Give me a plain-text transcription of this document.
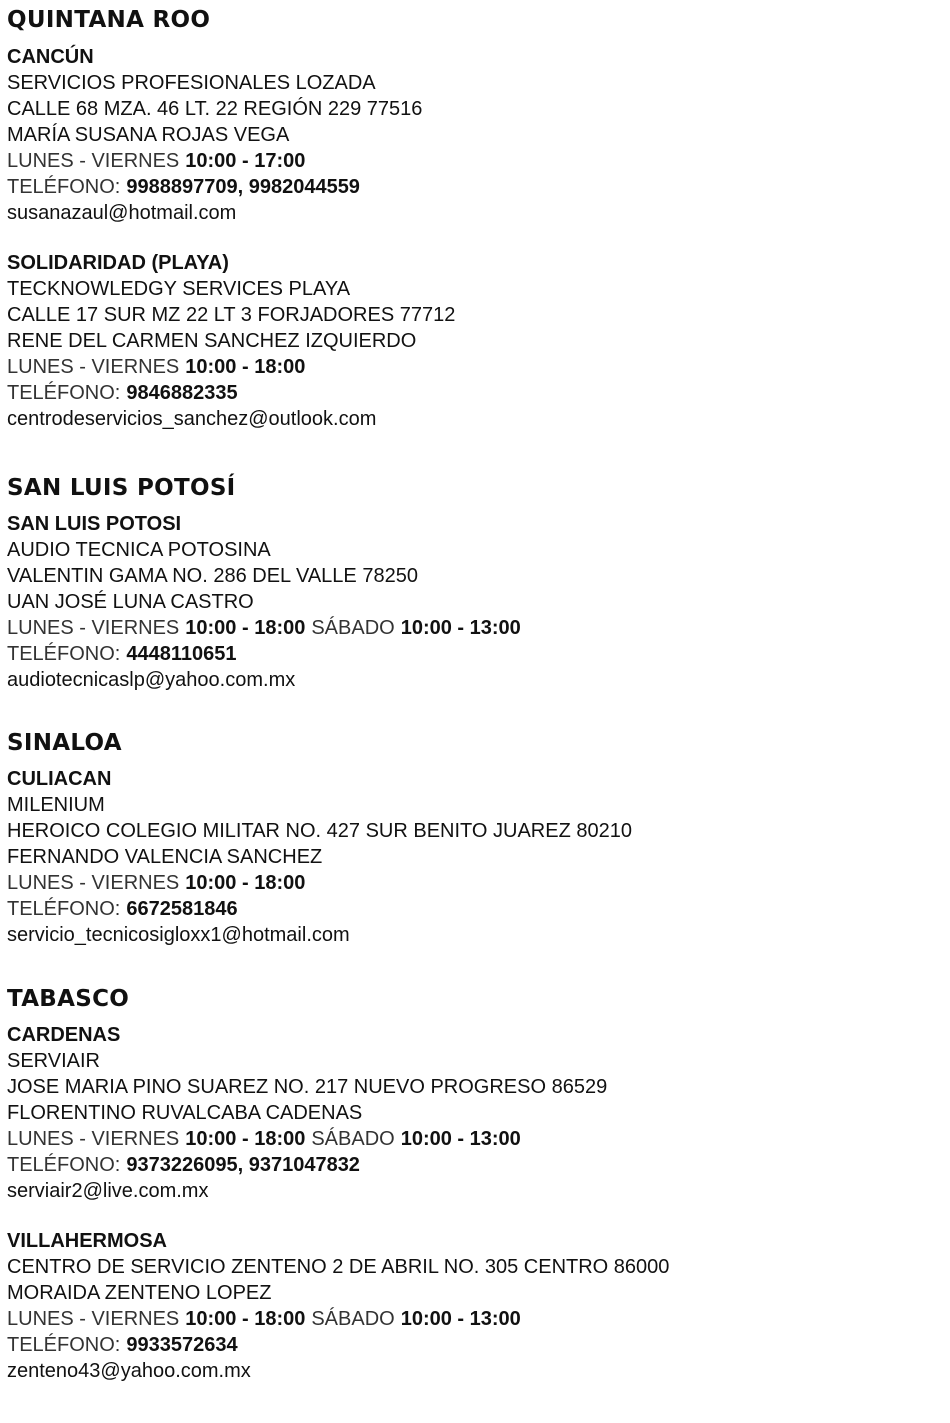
QUINTANA ROO
CANCÚN
SERVICIOS PROFESIONALES LOZADA
CALLE 68 MZA. 46 LT. 22 REGIÓN 229 77516
MARÍA SUSANA ROJAS VEGA
LUNES - VIERNES 10:00 - 17:00
TELÉFONO: 9988897709, 9982044559
susanazaul@hotmail.com
SOLIDARIDAD (PLAYA)
TECKNOWLEDGY SERVICES PLAYA
CALLE 17 SUR MZ 22 LT 3 FORJADORES 77712
RENE DEL CARMEN SANCHEZ IZQUIERDO
LUNES - VIERNES 10:00 - 18:00
TELÉFONO: 9846882335
centrodeservicios_sanchez@outlook.com
SAN LUIS POTOSÍ
SAN LUIS POTOSI
AUDIO TECNICA POTOSINA
VALENTIN GAMA NO. 286 DEL VALLE 78250
UAN JOSÉ LUNA CASTRO
LUNES - VIERNES 10:00 - 18:00 SÁBADO 10:00 - 13:00
TELÉFONO: 4448110651
audiotecnicaslp@yahoo.com.mx
SINALOA
CULIACAN
MILENIUM
HEROICO COLEGIO MILITAR NO. 427 SUR BENITO JUAREZ 80210
FERNANDO VALENCIA SANCHEZ
LUNES - VIERNES 10:00 - 18:00
TELÉFONO: 6672581846
servicio_tecnicosigloxx1@hotmail.com
TABASCO
CARDENAS
SERVIAIR
JOSE MARIA PINO SUAREZ NO. 217 NUEVO PROGRESO 86529
FLORENTINO RUVALCABA CADENAS
LUNES - VIERNES 10:00 - 18:00 SÁBADO 10:00 - 13:00
TELÉFONO: 9373226095, 9371047832
serviair2@live.com.mx
VILLAHERMOSA
CENTRO DE SERVICIO ZENTENO 2 DE ABRIL NO. 305 CENTRO 86000
MORAIDA ZENTENO LOPEZ
LUNES - VIERNES 10:00 - 18:00 SÁBADO 10:00 - 13:00
TELÉFONO: 9933572634
zenteno43@yahoo.com.mx
